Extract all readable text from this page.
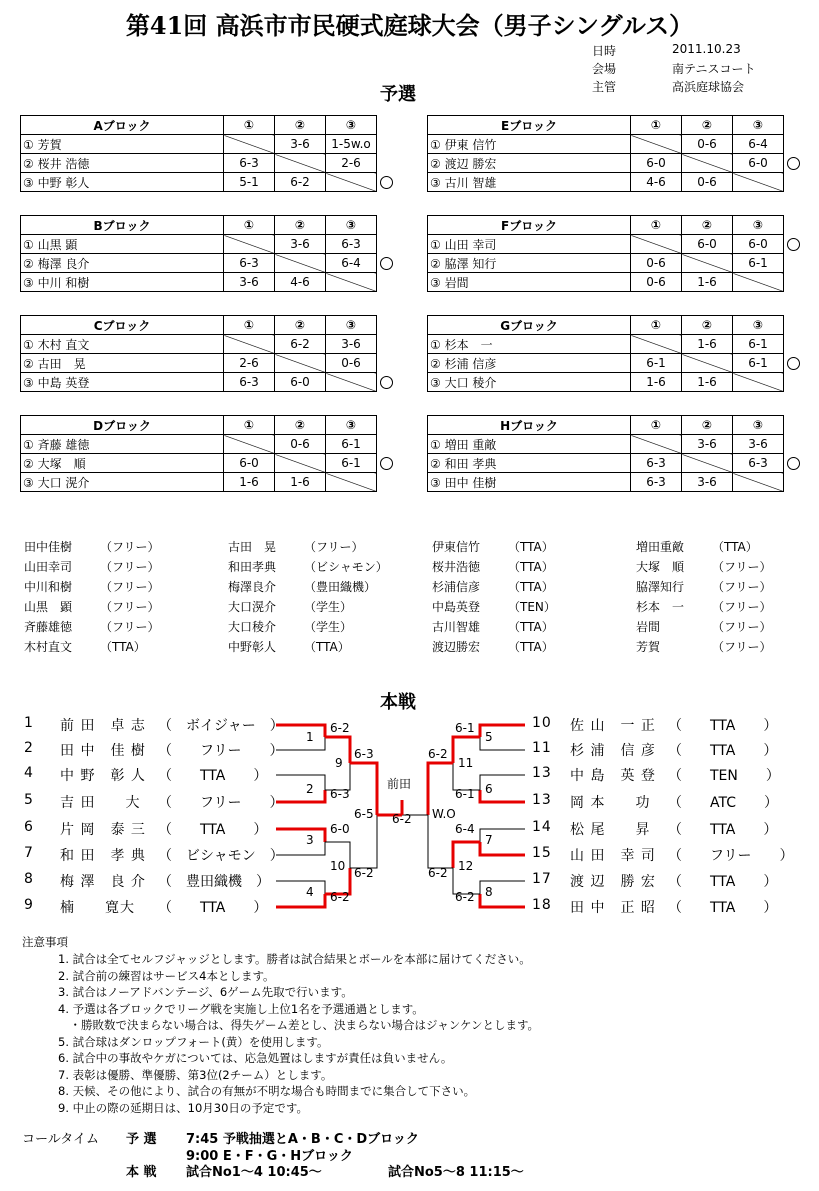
第41回 高浜市市民硬式庭球大会（男子シングルス）
日時	2011.10.23
会場	南テニスコート
主管	高浜庭球協会
予選
Aブロック	①	②	③
① 芳賀		3-6	1-5w.o
② 桜井 浩徳	6-3		2-6
③ 中野 彰人	5-1	6-2	
Bブロック	①	②	③
① 山黒 顕		3-6	6-3
② 梅澤 良介	6-3		6-4
③ 中川 和樹	3-6	4-6	
Cブロック	①	②	③
① 木村 直文		6-2	3-6
② 古田　晃	2-6		0-6
③ 中島 英登	6-3	6-0	
Dブロック	①	②	③
① 斉藤 雄徳		0-6	6-1
② 大塚　順	6-0		6-1
③ 大口 滉介	1-6	1-6	
Eブロック	①	②	③
① 伊東 信竹		0-6	6-4
② 渡辺 勝宏	6-0		6-0
③ 古川 智雄	4-6	0-6	
Fブロック	①	②	③
① 山田 幸司		6-0	6-0
② 脇澤 知行	0-6		6-1
③ 岩間	0-6	1-6	
Gブロック	①	②	③
① 杉本　一		1-6	6-1
② 杉浦 信彦	6-1		6-1
③ 大口 稜介	1-6	1-6	
Hブロック	①	②	③
① 増田 重敵		3-6	3-6
② 和田 孝典	6-3		6-3
③ 田中 佳樹	6-3	3-6	
田中佳樹 （フリー）
山田幸司 （フリー）
中川和樹 （フリー）
山黒　顕 （フリー）
斉藤雄徳 （フリー）
木村直文 （TTA）
古田　晃 （フリー）
和田孝典 （ビシャモン）
梅澤良介 （豊田織機）
大口滉介 （学生）
大口稜介 （学生）
中野彰人 （TTA）
伊東信竹 （TTA）
桜井浩徳 （TTA）
杉浦信彦 （TTA）
中島英登 （TEN）
古川智雄 （TTA）
渡辺勝宏 （TTA）
増田重敵 （TTA）
大塚　順 （フリー）
脇澤知行 （フリー）
杉本　一 （フリー）
岩間	（フリー）
芳賀	（フリー）
本戦
1 前 田　卓 志 （　ボイジャー　）
2 田 中　佳 樹 （　　フリー　　）
4 中 野　彰 人 （　　TTA　　）
5 吉 田　　大 （　　フリー　　）
6 片 岡　泰 三 （　　TTA　　）
7 和 田　孝 典 （　ビシャモン　）
8 梅 澤　良 介 （　豊田織機　）
9 楠　　寛大 （　　TTA　　）
10 佐 山　一 正 （　　TTA　　）
11 杉 浦　信 彦 （　　TTA　　）
13 中 島　英 登 （　　TEN　　）
13 岡 本　　功 （　　ATC　　）
14 松 尾　　昇 （　　TTA　　）
15 山 田　幸 司 （　　フリー　　）
17 渡 辺　勝 宏 （　　TTA　　）
18 田 中　正 昭 （　　TTA　　）
1
2
3
4
5
6
7
8
9
10
11
12
6-2
6-3
6-0
6-2
6-3
6-2
6-5 6-2
6-1
6-1
6-4
6-2
6-2
6-2
W.O
前田
注意事項
1. 試合は全てセルフジャッジとします。勝者は試合結果とボールを本部に届けてください。
2. 試合前の練習はサービス4本とします。
3. 試合はノーアドバンテージ、6ゲーム先取で行います。
4. 予選は各ブロックでリーグ戦を実施し上位1名を予選通過とします。
　・勝敗数で決まらない場合は、得失ゲーム差とし、決まらない場合はジャンケンとします。
5. 試合球はダンロップフォート(黄）を使用します。
6. 試合中の事故やケガについては、応急処置はしますが責任は負いません。
7. 表彰は優勝、準優勝、第3位(2チーム）とします。
8. 天候、その他により、試合の有無が不明な場合も時間までに集合して下さい。
9. 中止の際の延期日は、10月30日の予定です。
コールタイム 予 選 7:45 予戦抽選とA・B・C・Dブロック
9:00 E・F・G・Hブロック
本 戦 試合No1～4 10:45～	試合No5～8 11:15～
